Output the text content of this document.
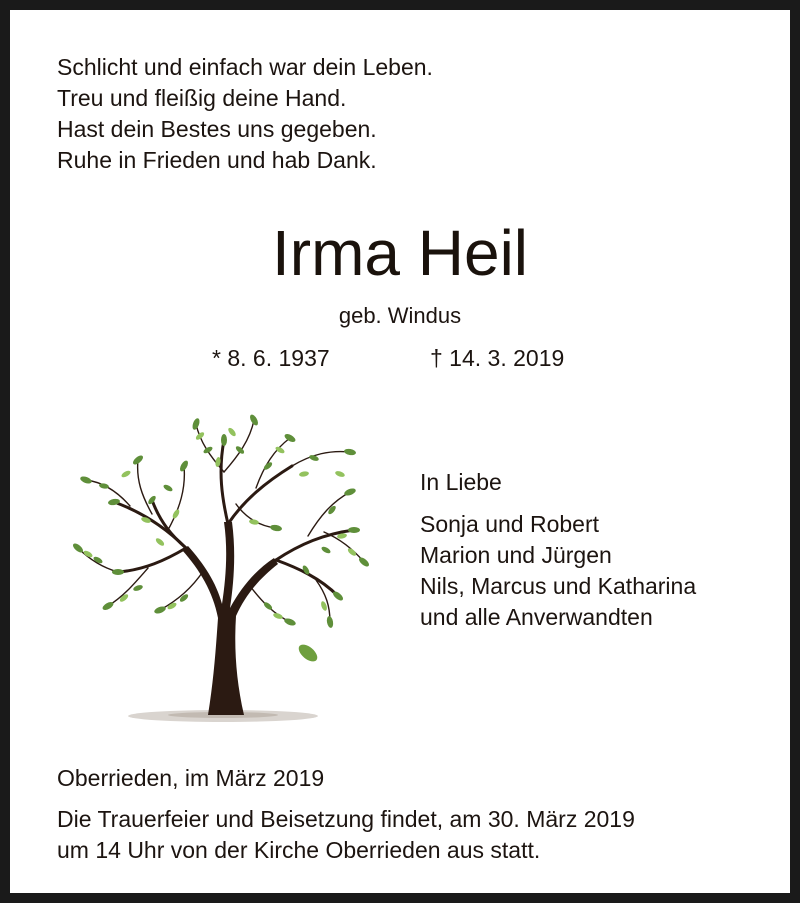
Schlicht und einfach war dein Leben.
Treu und fleißig deine Hand.
Hast dein Bestes uns gegeben.
Ruhe in Frieden und hab Dank.
Irma Heil
geb. Windus
* 8. 6. 1937	† 14. 3. 2019
In Liebe
Sonja und Robert
Marion und Jürgen
Nils, Marcus und Katharina
und alle Anverwandten
Oberrieden, im März 2019
Die Trauerfeier und Beisetzung findet, am 30. März 2019
um 14 Uhr von der Kirche Oberrieden aus statt.
